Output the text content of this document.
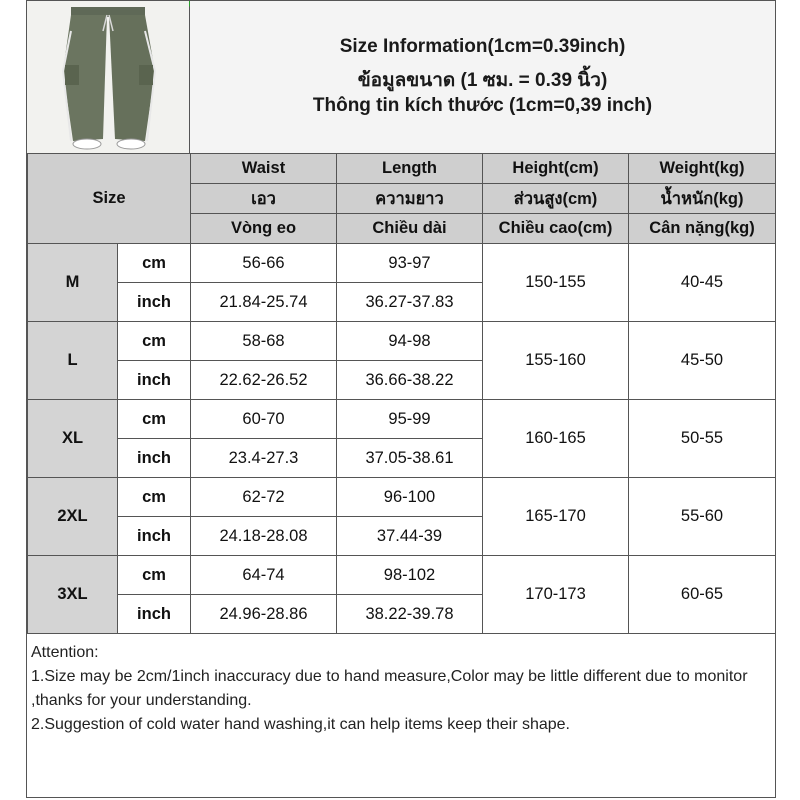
Size Information(1cm=0.39inch)
ข้อมูลขนาด (1 ซม. = 0.39 นิ้ว)
Thông tin kích thước (1cm=0,39 inch)
Size		Waist	Length	Height(cm)	Weight(kg)
		เอว	ความยาว	ส่วนสูง(cm)	น้ำหนัก(kg)
		Vòng eo	Chiều dài	Chiều cao(cm)	Cân nặng(kg)
M	cm	56-66	93-97	150-155	40-45
	inch	21.84-25.74	36.27-37.83		
L	cm	58-68	94-98	155-160	45-50
	inch	22.62-26.52	36.66-38.22		
XL	cm	60-70	95-99	160-165	50-55
	inch	23.4-27.3	37.05-38.61		
2XL	cm	62-72	96-100	165-170	55-60
	inch	24.18-28.08	37.44-39		
3XL	cm	64-74	98-102	170-173	60-65
	inch	24.96-28.86	38.22-39.78		

Attention:

1.Size may be 2cm/1inch inaccuracy due to hand measure,Color may be little different due to monitor ,thanks for your understanding.

2.Suggestion of cold water hand washing,it can help items keep their shape.
